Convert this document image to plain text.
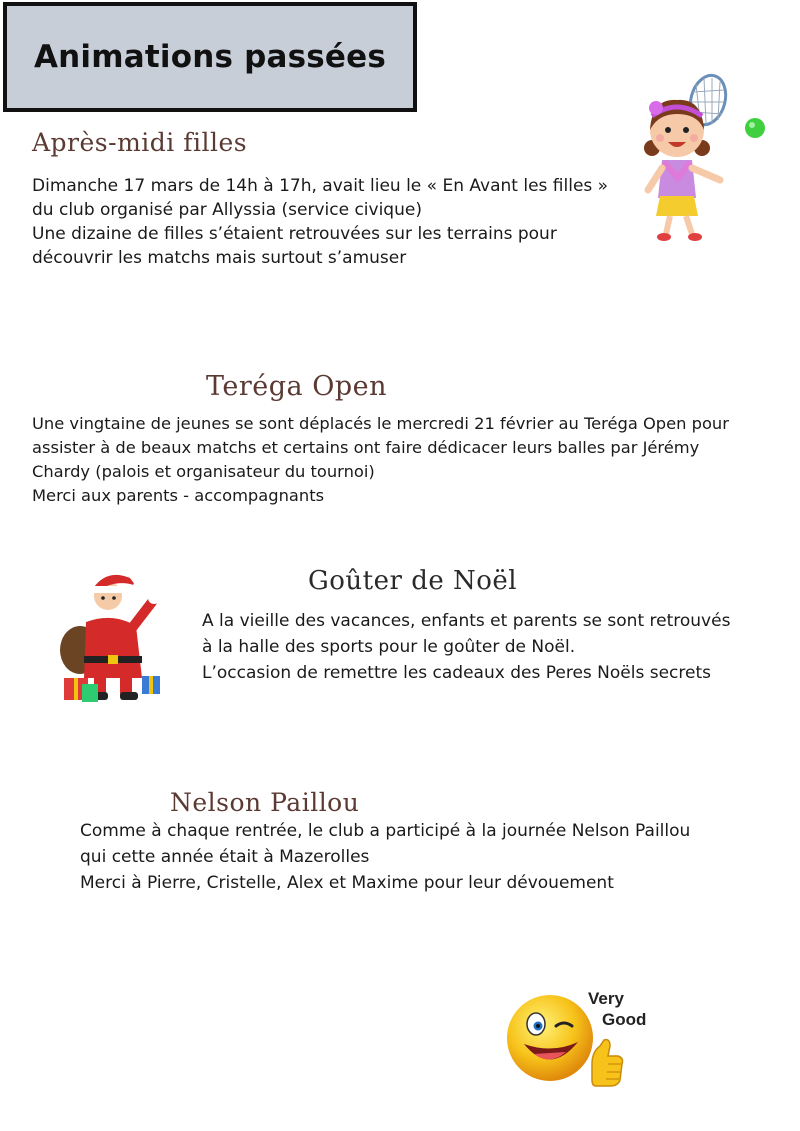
Animations passées
Après-midi filles
Dimanche 17 mars de 14h à 17h, avait lieu le « En Avant les filles »
du club organisé par Allyssia (service civique)
Une dizaine de filles s’étaient retrouvées sur les terrains pour
découvrir les matchs mais surtout s’amuser
Teréga Open
Une vingtaine de jeunes se sont déplacés le mercredi 21 février au Teréga Open pour
assister à de beaux matchs et certains ont faire dédicacer leurs balles par Jérémy
Chardy (palois et organisateur du tournoi)
Merci aux parents - accompagnants
Goûter de Noël
A la vieille des vacances, enfants et parents se sont retrouvés
à la halle des sports pour le goûter de Noël.
L’occasion de remettre les cadeaux des Peres Noëls secrets
Nelson Paillou
Comme à chaque rentrée, le club a participé à la journée Nelson Paillou
qui cette année était à Mazerolles
Merci à Pierre, Cristelle, Alex et Maxime pour leur dévouement
Very
Good
